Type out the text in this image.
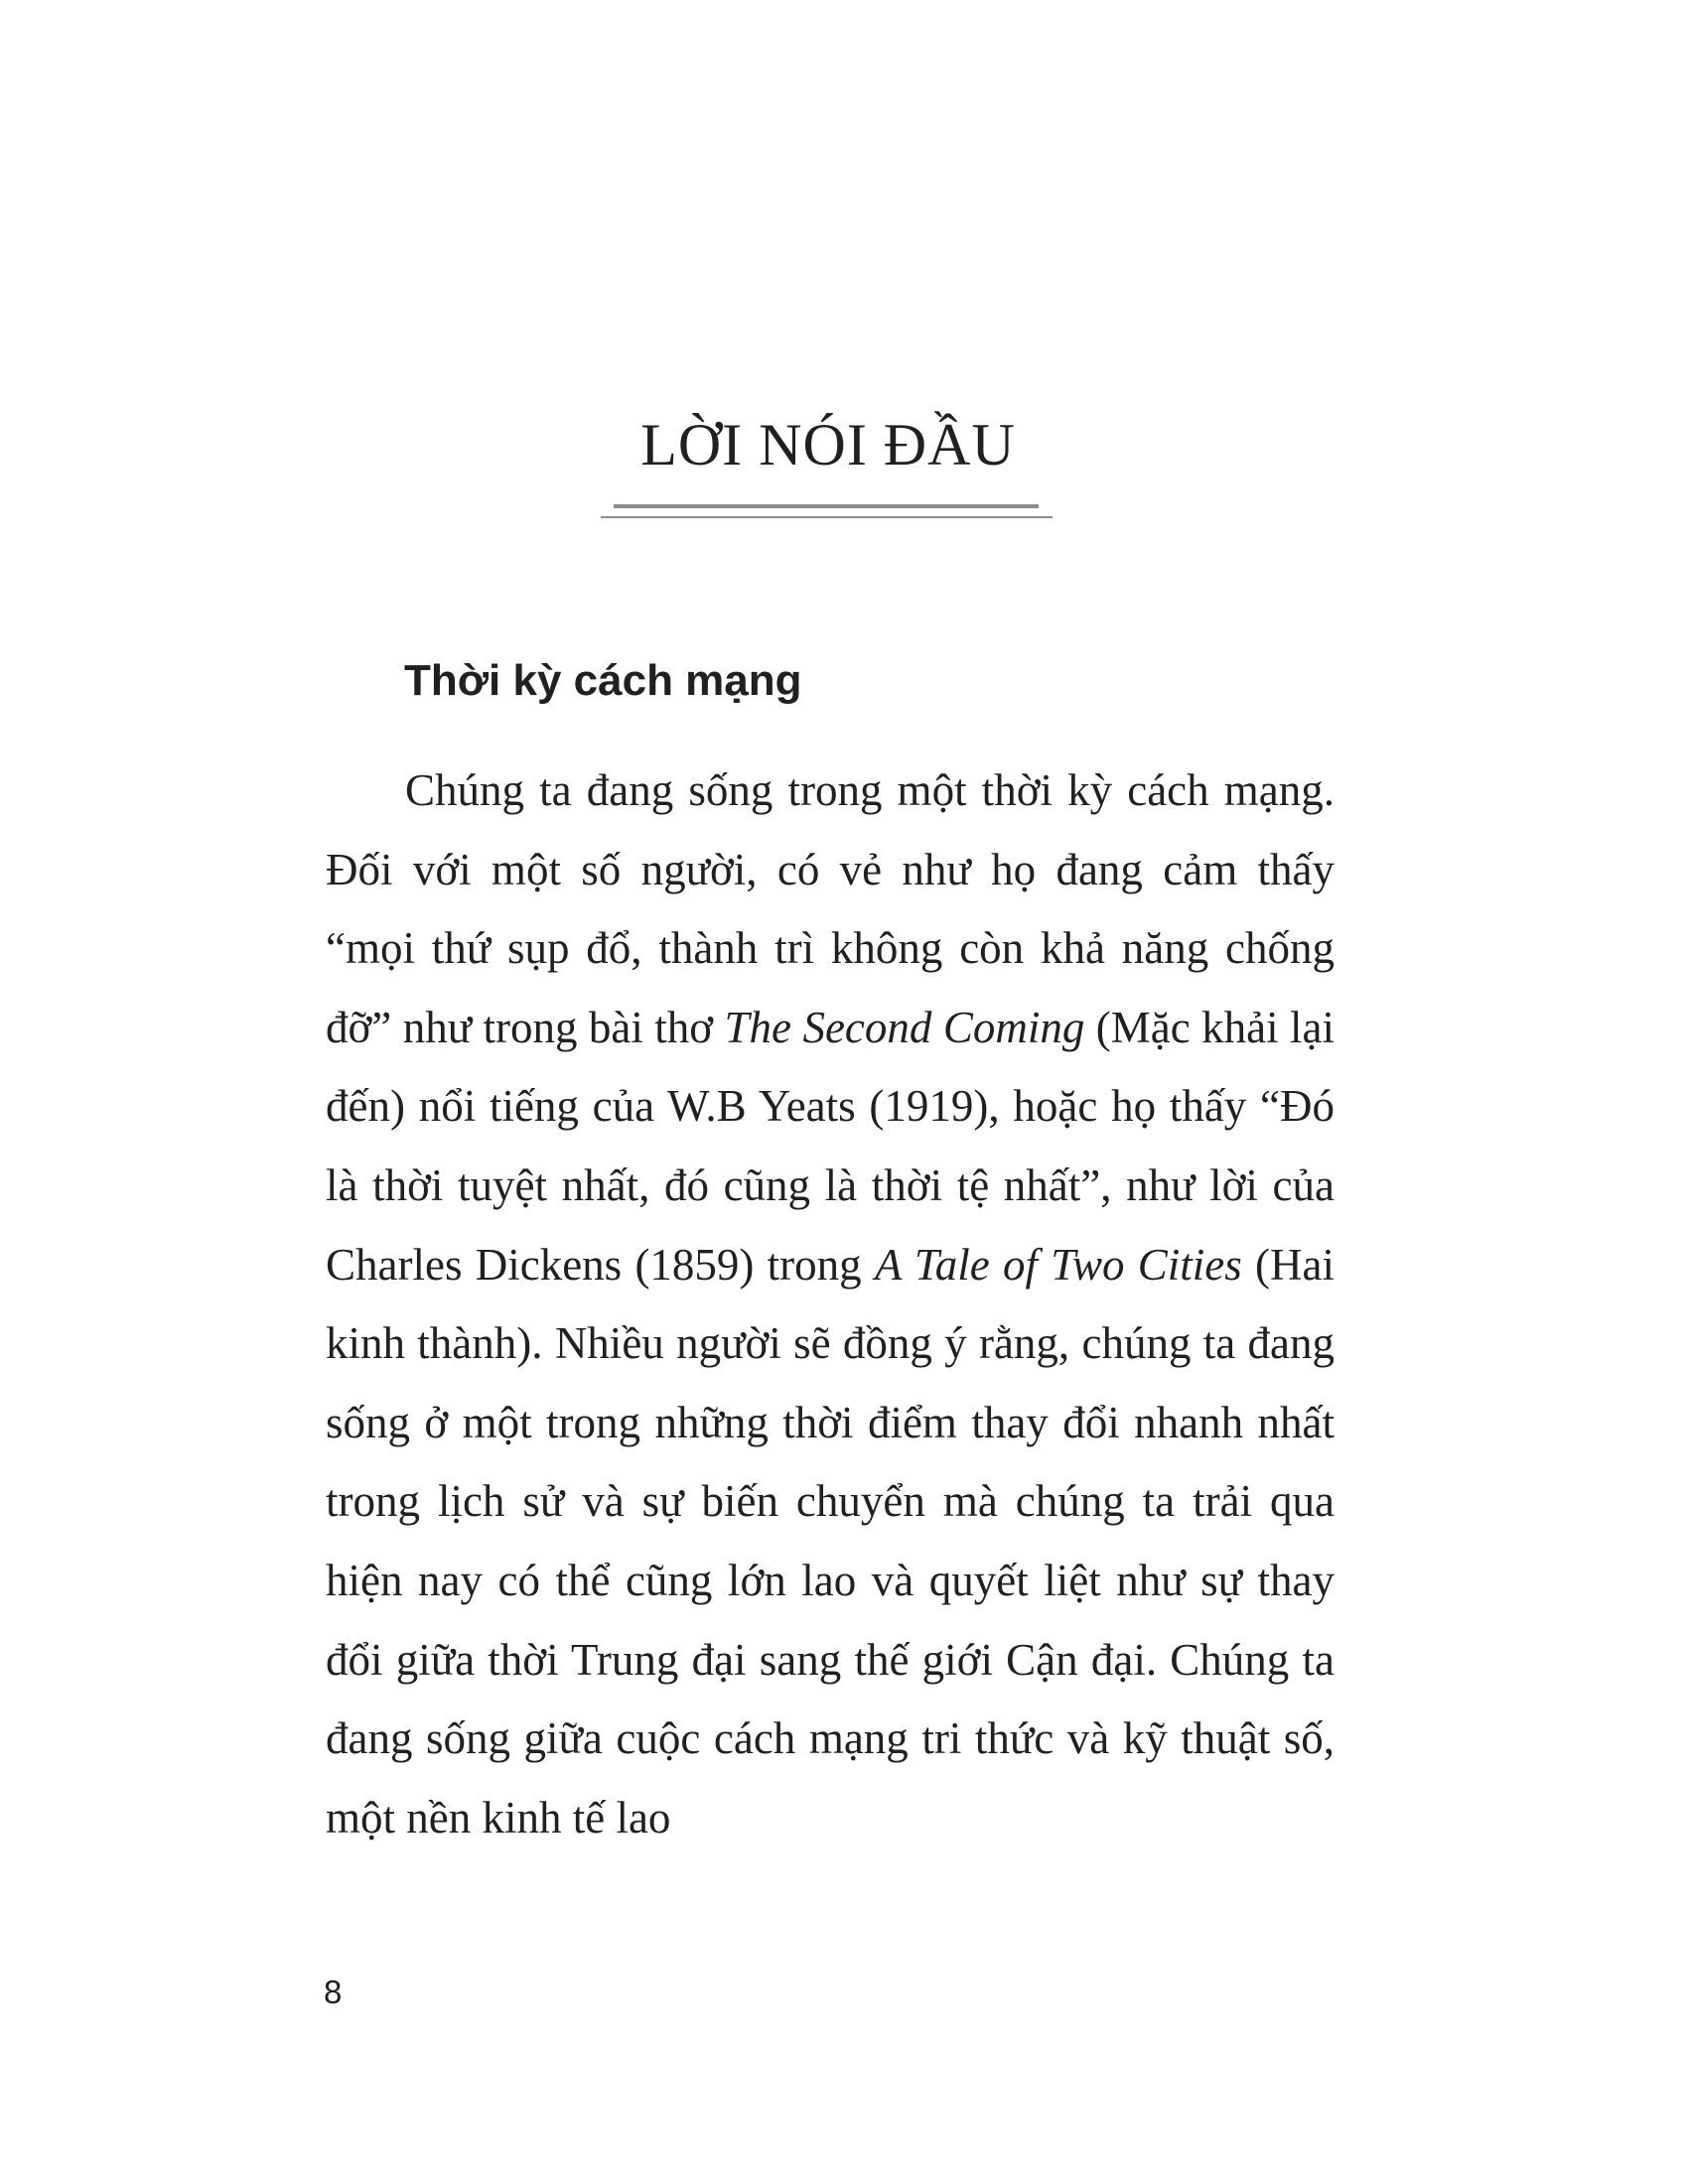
LỜI NÓI ĐẦU
Thời kỳ cách mạng

Chúng ta đang sống trong một thời kỳ cách mạng. Đối với một số người, có vẻ như họ đang cảm thấy “mọi thứ sụp đổ, thành trì không còn khả năng chống đỡ” như trong bài thơ The Second Coming (Mặc khải lại đến) nổi tiếng của W.B Yeats (1919), hoặc họ thấy “Đó là thời tuyệt nhất, đó cũng là thời tệ nhất”, như lời của Charles Dickens (1859) trong A Tale of Two Cities (Hai kinh thành). Nhiều người sẽ đồng ý rằng, chúng ta đang sống ở một trong những thời điểm thay đổi nhanh nhất trong lịch sử và sự biến chuyển mà chúng ta trải qua hiện nay có thể cũng lớn lao và quyết liệt như sự thay đổi giữa thời Trung đại sang thế giới Cận đại. Chúng ta đang sống giữa cuộc cách mạng tri thức và kỹ thuật số, một nền kinh tế lao

8
